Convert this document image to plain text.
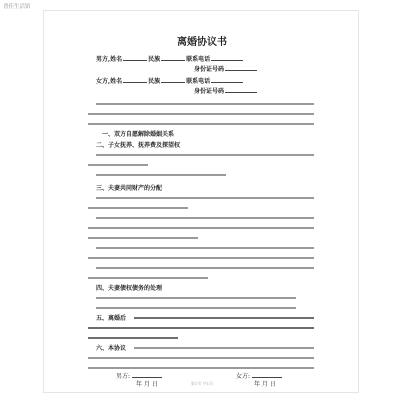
晋佳生活馆
离婚协议书
男方,姓名	民族	联系电话
身份证号码
女方,姓名	民族	联系电话
身份证号码
一、双方自愿解除婚姻关系
二、子女抚养、抚养费及探望权
三、夫妻共同财产的分配
四、夫妻债权债务的处理
五、离婚后
六、本协议
男方:	女方:
年 月 日	年 月 日
第1页 共1页
